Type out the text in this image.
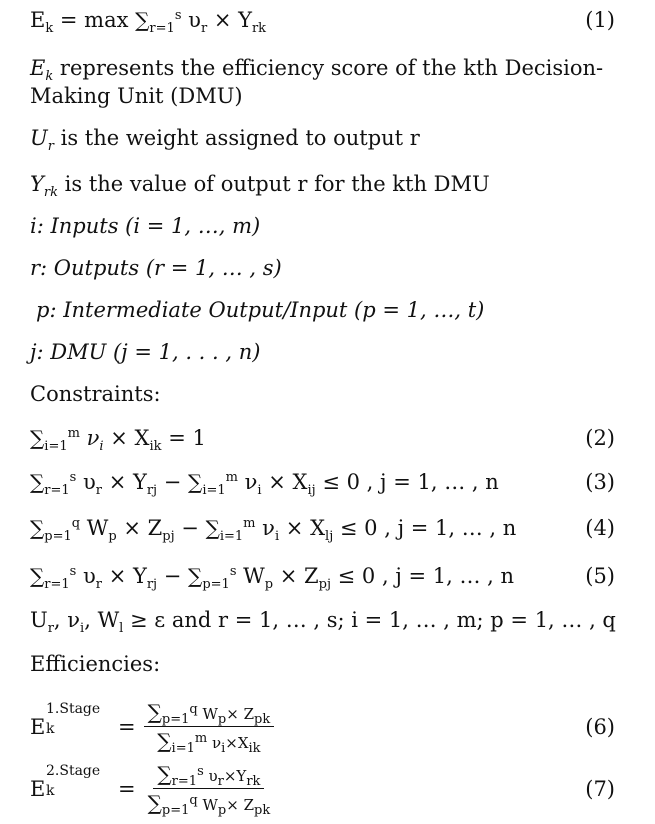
$E_k = \max \sum_{r=1}^s$ $\upsilon_r \times Y_{rk}$	(1)
$E_k$ represents the efficiency score of the kth Decision-
Making Unit (DMU)
$U_r$ is the weight assigned to output r
$Y_{rk}$ is the value of output r for the kth DMU
i: Inputs (i = 1, …, m)
r: Outputs (r = 1, … , s)
p: Intermediate Output/Input (p = 1, …, t)
j: DMU (j = 1, . . . , n)
Constraints:
$\sum_{i=1}^m$ $\nu_i \times X_{ik} = 1$	(2)
$\sum_{r=1}^s$ $\upsilon_r \times Y_{rj} - \sum_{i=1}^m$ $\nu_i \times X_{ij} \le 0$ , j = 1, … , n	(3)
$\sum_{p=1}^q$ $W_p \times Z_{pj} - \sum_{i=1}^m$ $\nu_i \times X_{lj} \le 0$ , j = 1, … , n	(4)
$\sum_{r=1}^s$ $\upsilon_r \times Y_{rj} - \sum_{p=1}^s$ $W_p \times Z_{pj} \le 0$ , j = 1, … , n	(5)
$U_r$, $\nu_i$, $W_l \ge \varepsilon$ and r = 1, … , s; i = 1, … , m; p = 1, … , q
Efficiencies:
E
1.Stage
k	= $\frac{\sum_{p=1}^q W_p\times Z_{pk}}{\sum_{i=1}^m \nu_i\times X_{ik}}$	(6)
E
2.Stage
k	= $\frac{\sum_{r=1}^s \upsilon_r\times Y_{rk}}{\sum_{p=1}^q W_p\times Z_{pk}}$	(7)
